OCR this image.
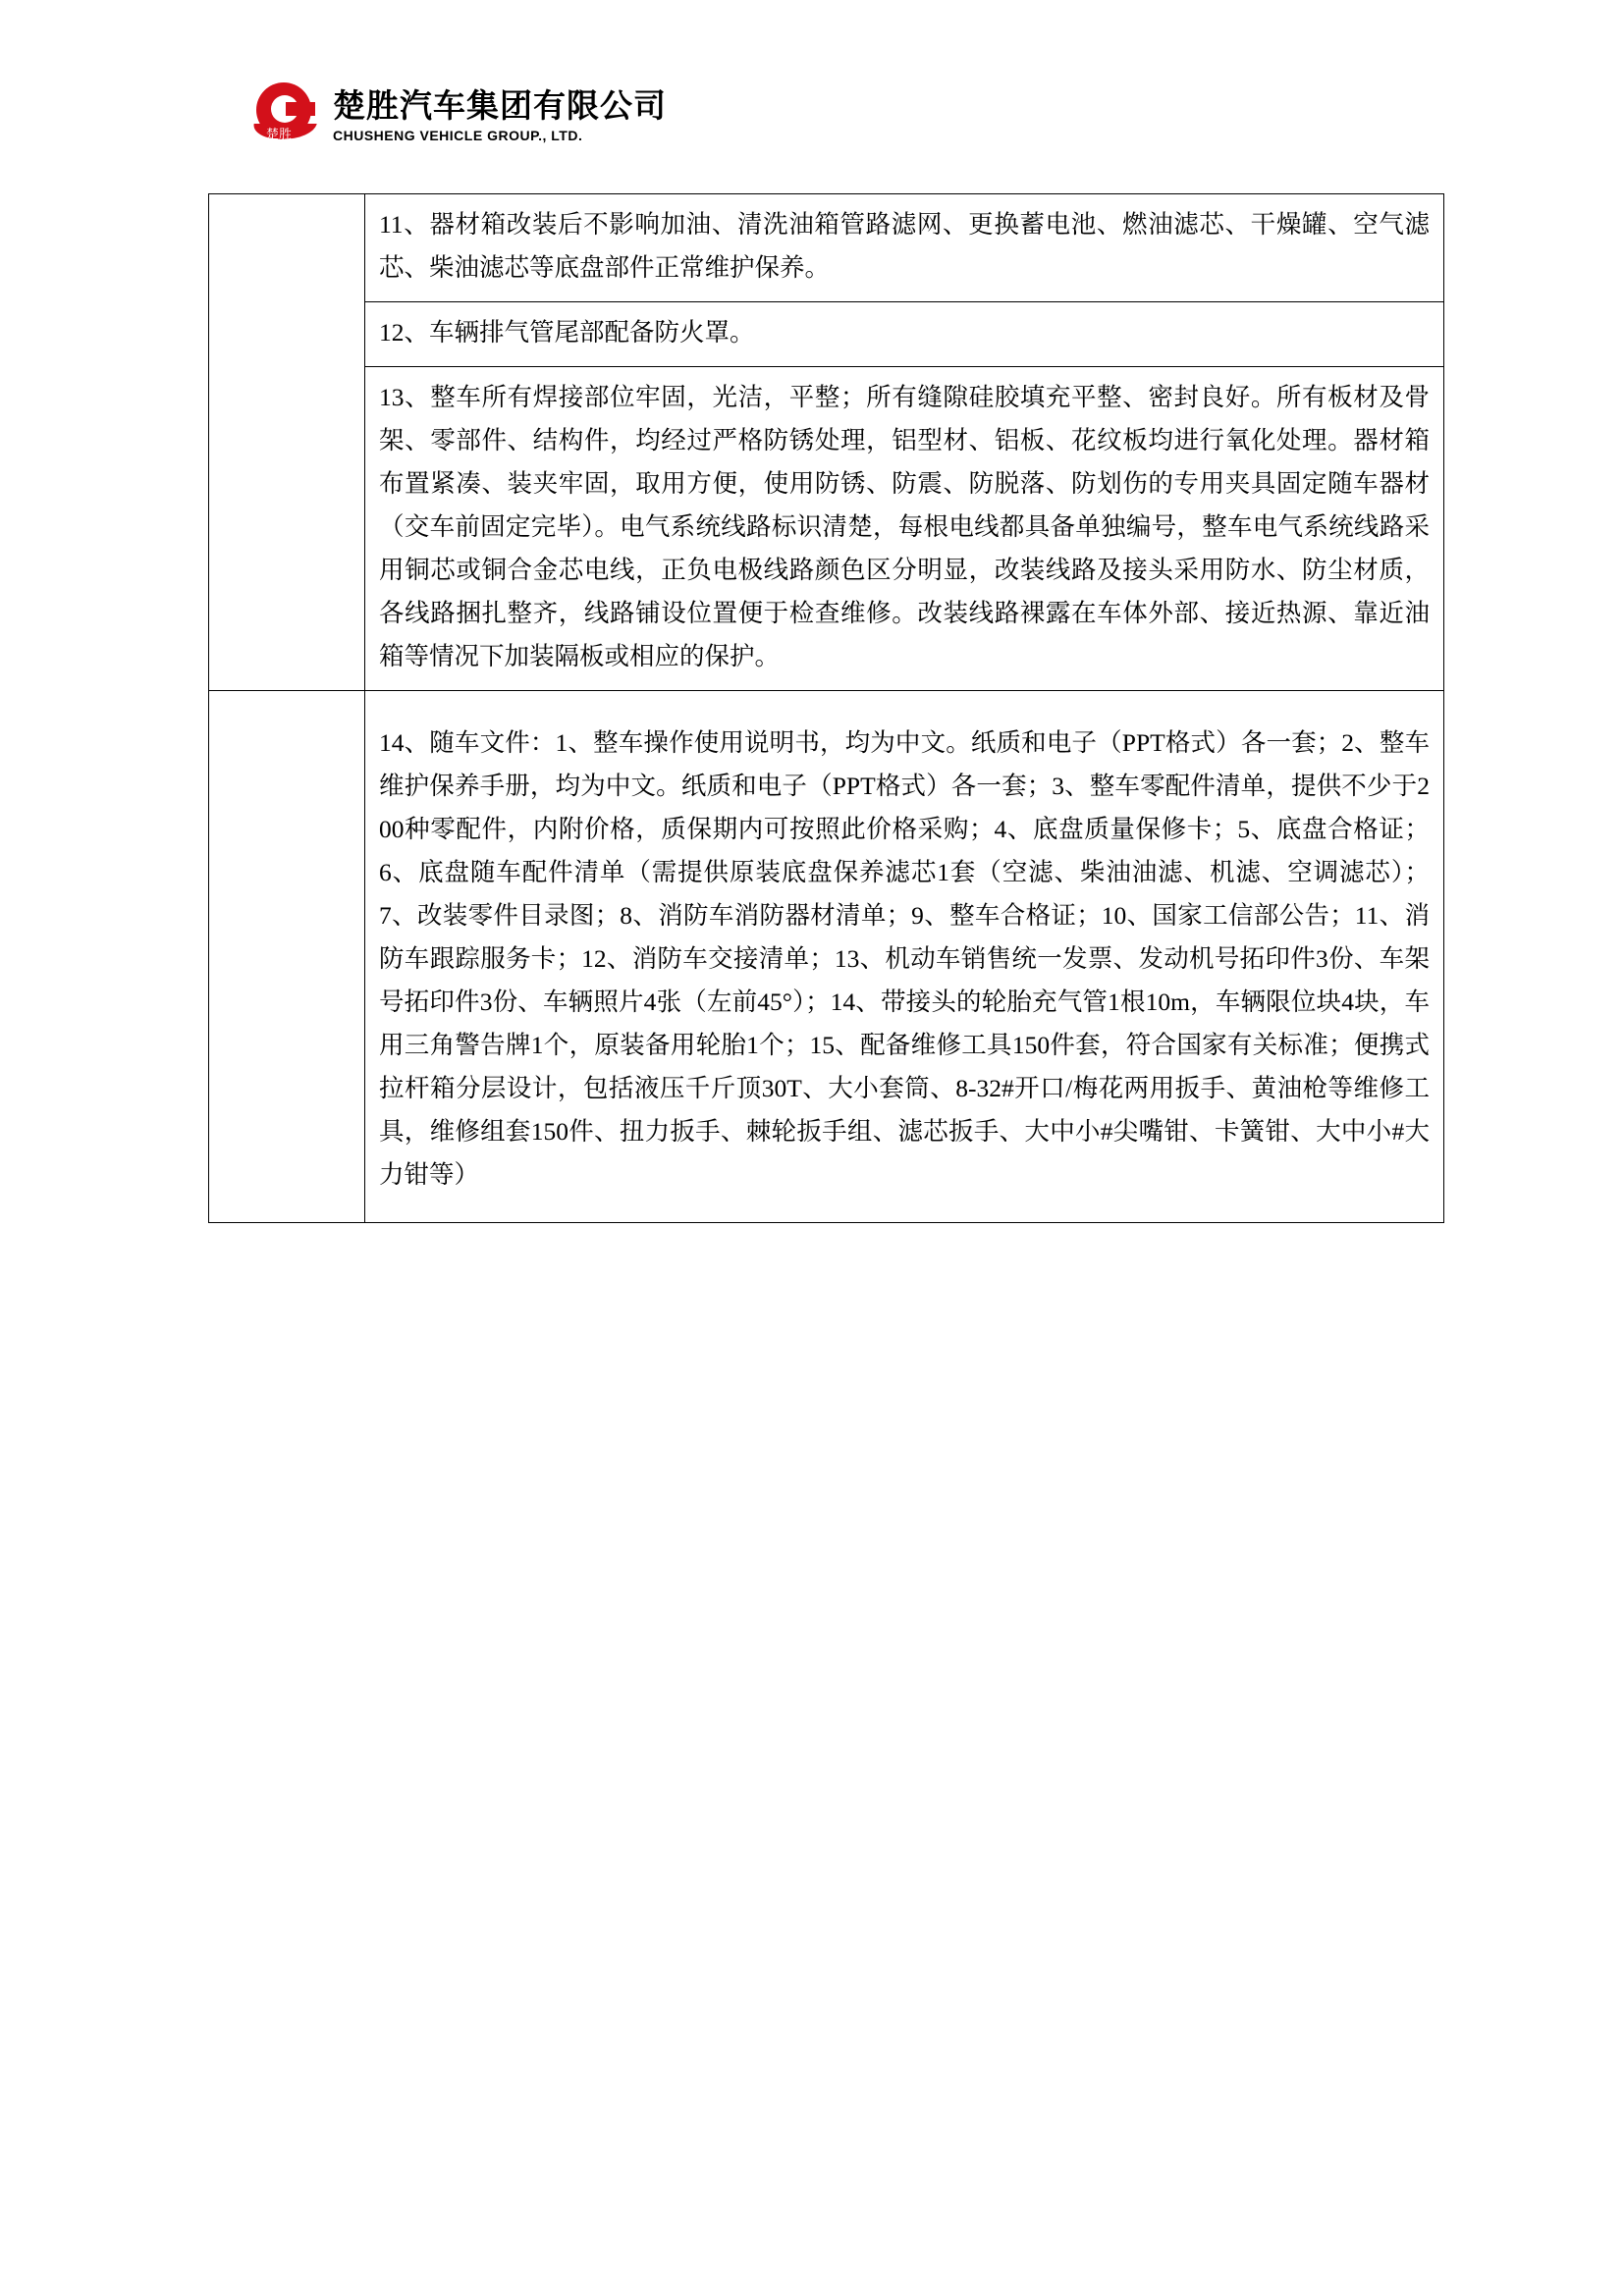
楚胜
楚胜汽车集团有限公司
CHUSHENG VEHICLE GROUP., LTD.

	11、器材箱改装后不影响加油、清洗油箱管路滤网、更换蓄电池、燃油滤芯、干燥罐、空气滤芯、柴油滤芯等底盘部件正常维护保养。

	12、车辆排气管尾部配备防火罩。

	13、整车所有焊接部位牢固，光洁，平整；所有缝隙硅胶填充平整、密封良好。所有板材及骨架、零部件、结构件，均经过严格防锈处理，铝型材、铝板、花纹板均进行氧化处理。器材箱布置紧凑、装夹牢固，取用方便，使用防锈、防震、防脱落、防划伤的专用夹具固定随车器材（交车前固定完毕）。电气系统线路标识清楚，每根电线都具备单独编号，整车电气系统线路采用铜芯或铜合金芯电线，正负电极线路颜色区分明显，改装线路及接头采用防水、防尘材质，各线路捆扎整齐，线路铺设位置便于检查维修。改装线路裸露在车体外部、接近热源、靠近油箱等情况下加装隔板或相应的保护。

	14、随车文件：1、整车操作使用说明书，均为中文。纸质和电子（PPT格式）各一套；2、整车维护保养手册，均为中文。纸质和电子（PPT格式）各一套；3、整车零配件清单，提供不少于200种零配件，内附价格，质保期内可按照此价格采购；4、底盘质量保修卡；5、底盘合格证；6、底盘随车配件清单（需提供原装底盘保养滤芯1套（空滤、柴油油滤、机滤、空调滤芯）；7、改装零件目录图；8、消防车消防器材清单；9、整车合格证；10、国家工信部公告；11、消防车跟踪服务卡；12、消防车交接清单；13、机动车销售统一发票、发动机号拓印件3份、车架号拓印件3份、车辆照片4张（左前45°）；14、带接头的轮胎充气管1根10m，车辆限位块4块，车用三角警告牌1个，原装备用轮胎1个；15、配备维修工具150件套，符合国家有关标准；便携式拉杆箱分层设计，包括液压千斤顶30T、大小套筒、8-32#开口/梅花两用扳手、黄油枪等维修工具，维修组套150件、扭力扳手、棘轮扳手组、滤芯扳手、大中小#尖嘴钳、卡簧钳、大中小#大力钳等）
